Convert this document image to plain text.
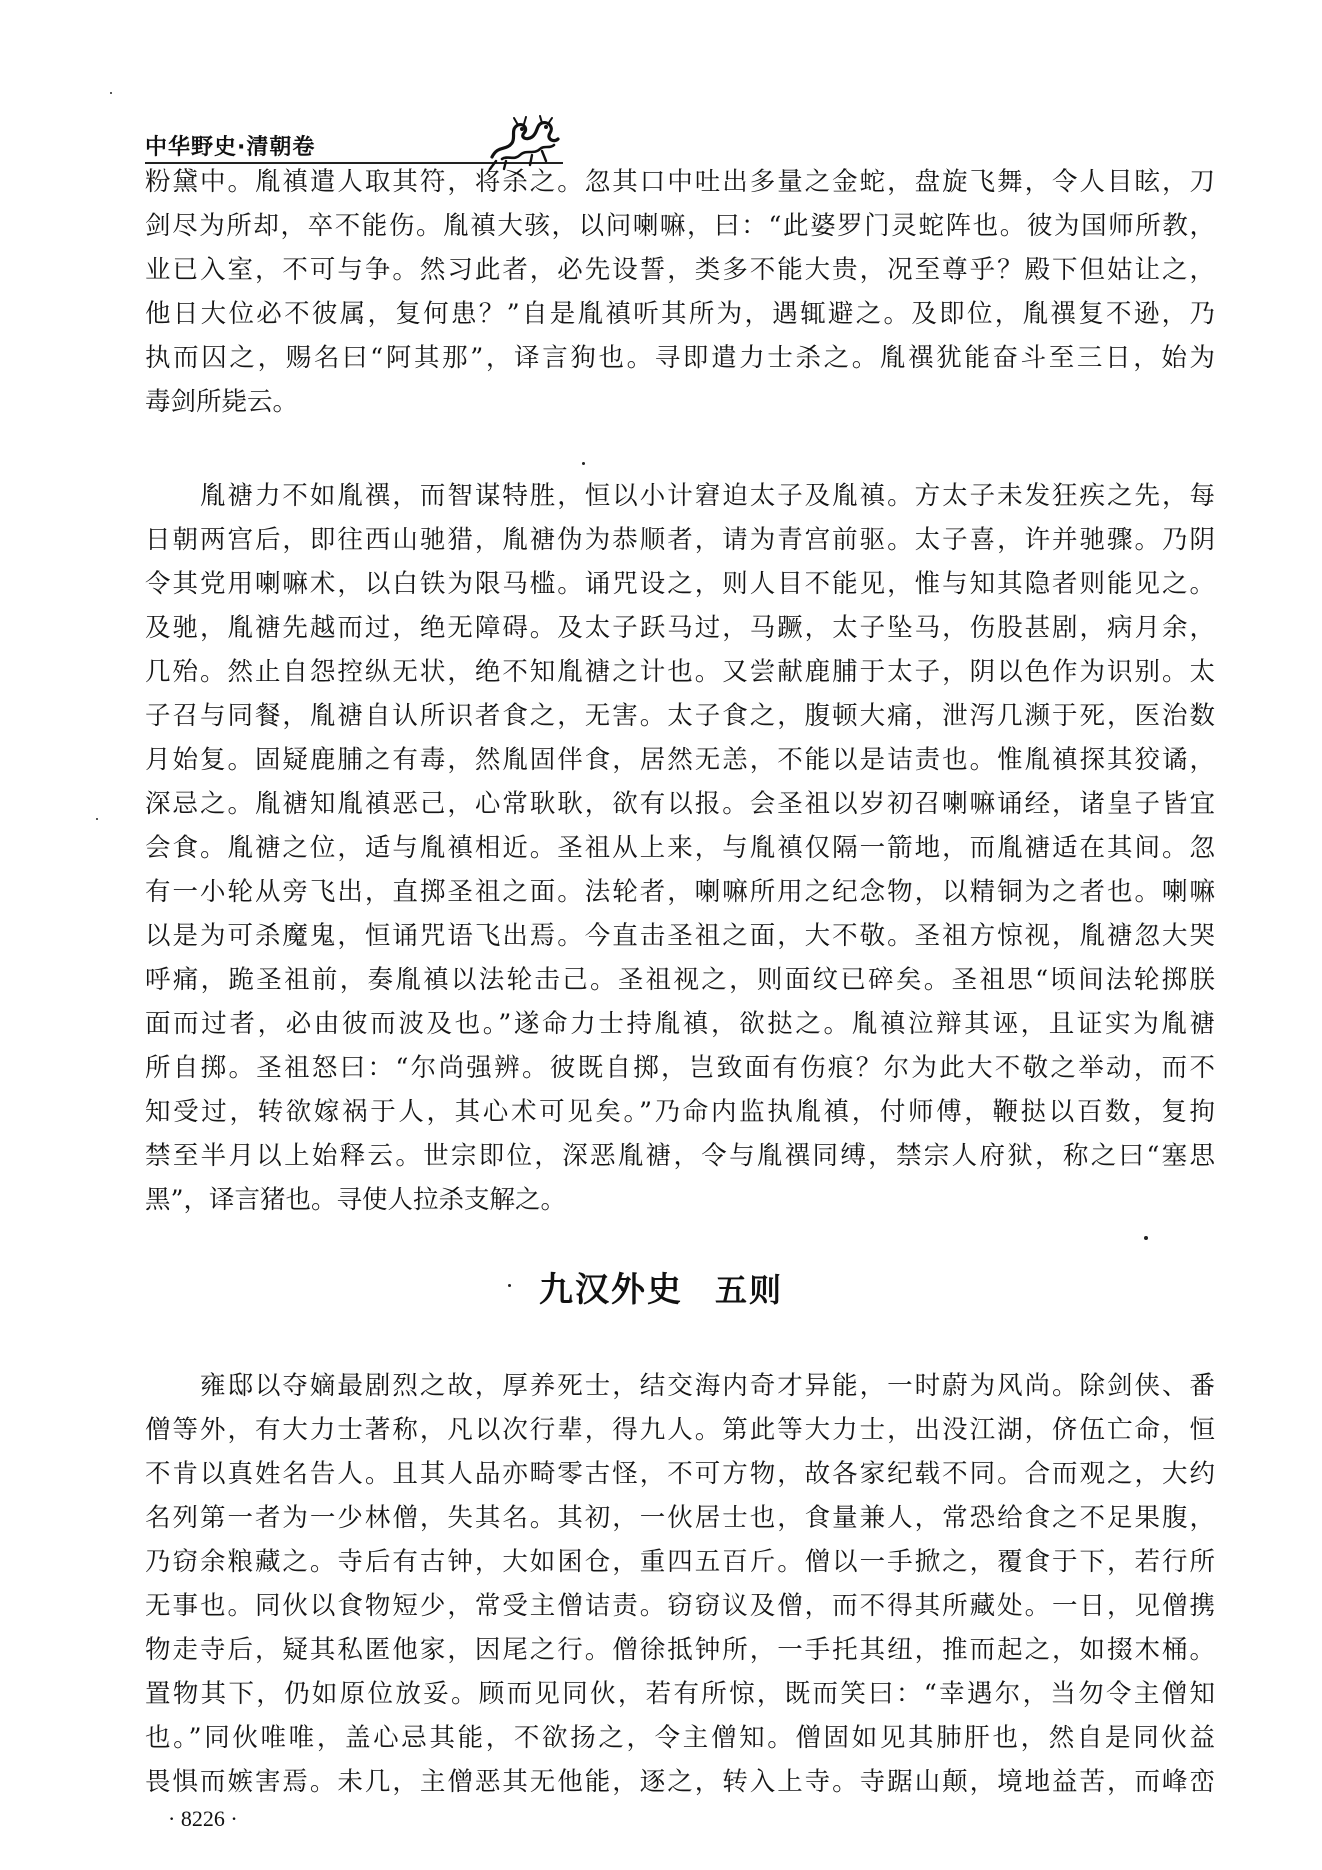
中华野史·清朝卷
粉黛中。胤禛遣人取其符，将杀之。忽其口中吐出多量之金蛇，盘旋飞舞，令人目眩，刀
剑尽为所却，卒不能伤。胤禛大骇，以问喇嘛，曰：“此婆罗门灵蛇阵也。彼为国师所教，
业已入室，不可与争。然习此者，必先设誓，类多不能大贵，况至尊乎？殿下但姑让之，
他日大位必不彼属，复何患？”自是胤禛听其所为，遇辄避之。及即位，胤禩复不逊，乃
执而囚之，赐名曰“阿其那”，译言狗也。寻即遣力士杀之。胤禩犹能奋斗至三日，始为
毒剑所毙云。
　　胤禟力不如胤禩，而智谋特胜，恒以小计窘迫太子及胤禛。方太子未发狂疾之先，每
日朝两宫后，即往西山驰猎，胤禟伪为恭顺者，请为青宫前驱。太子喜，许并驰骤。乃阴
令其党用喇嘛术，以白铁为限马槛。诵咒设之，则人目不能见，惟与知其隐者则能见之。
及驰，胤禟先越而过，绝无障碍。及太子跃马过，马蹶，太子坠马，伤股甚剧，病月余，
几殆。然止自怨控纵无状，绝不知胤禟之计也。又尝献鹿脯于太子，阴以色作为识别。太
子召与同餐，胤禟自认所识者食之，无害。太子食之，腹顿大痛，泄泻几濒于死，医治数
月始复。固疑鹿脯之有毒，然胤固伴食，居然无恙，不能以是诘责也。惟胤禛探其狡谲，
深忌之。胤禟知胤禛恶己，心常耿耿，欲有以报。会圣祖以岁初召喇嘛诵经，诸皇子皆宜
会食。胤禟之位，适与胤禛相近。圣祖从上来，与胤禛仅隔一箭地，而胤禟适在其间。忽
有一小轮从旁飞出，直掷圣祖之面。法轮者，喇嘛所用之纪念物，以精铜为之者也。喇嘛
以是为可杀魔鬼，恒诵咒语飞出焉。今直击圣祖之面，大不敬。圣祖方惊视，胤禟忽大哭
呼痛，跪圣祖前，奏胤禛以法轮击己。圣祖视之，则面纹已碎矣。圣祖思“顷间法轮掷朕
面而过者，必由彼而波及也。”遂命力士持胤禛，欲挞之。胤禛泣辩其诬，且证实为胤禟
所自掷。圣祖怒曰：“尔尚强辨。彼既自掷，岂致面有伤痕？尔为此大不敬之举动，而不
知受过，转欲嫁祸于人，其心术可见矣。”乃命内监执胤禛，付师傅，鞭挞以百数，复拘
禁至半月以上始释云。世宗即位，深恶胤禟，令与胤禩同缚，禁宗人府狱，称之曰“塞思
黑”，译言猪也。寻使人拉杀支解之。
九汉外史 五则
　　雍邸以夺嫡最剧烈之故，厚养死士，结交海内奇才异能，一时蔚为风尚。除剑侠、番
僧等外，有大力士著称，凡以次行辈，得九人。第此等大力士，出没江湖，侪伍亡命，恒
不肯以真姓名告人。且其人品亦畸零古怪，不可方物，故各家纪载不同。合而观之，大约
名列第一者为一少林僧，失其名。其初，一伙居士也，食量兼人，常恐给食之不足果腹，
乃窃余粮藏之。寺后有古钟，大如囷仓，重四五百斤。僧以一手掀之，覆食于下，若行所
无事也。同伙以食物短少，常受主僧诘责。窃窃议及僧，而不得其所藏处。一日，见僧携
物走寺后，疑其私匿他家，因尾之行。僧徐抵钟所，一手托其纽，推而起之，如掇木桶。
置物其下，仍如原位放妥。顾而见同伙，若有所惊，既而笑曰：“幸遇尔，当勿令主僧知
也。”同伙唯唯，盖心忌其能，不欲扬之，令主僧知。僧固如见其肺肝也，然自是同伙益
畏惧而嫉害焉。未几，主僧恶其无他能，逐之，转入上寺。寺踞山颠，境地益苦，而峰峦
· 8226 ·
